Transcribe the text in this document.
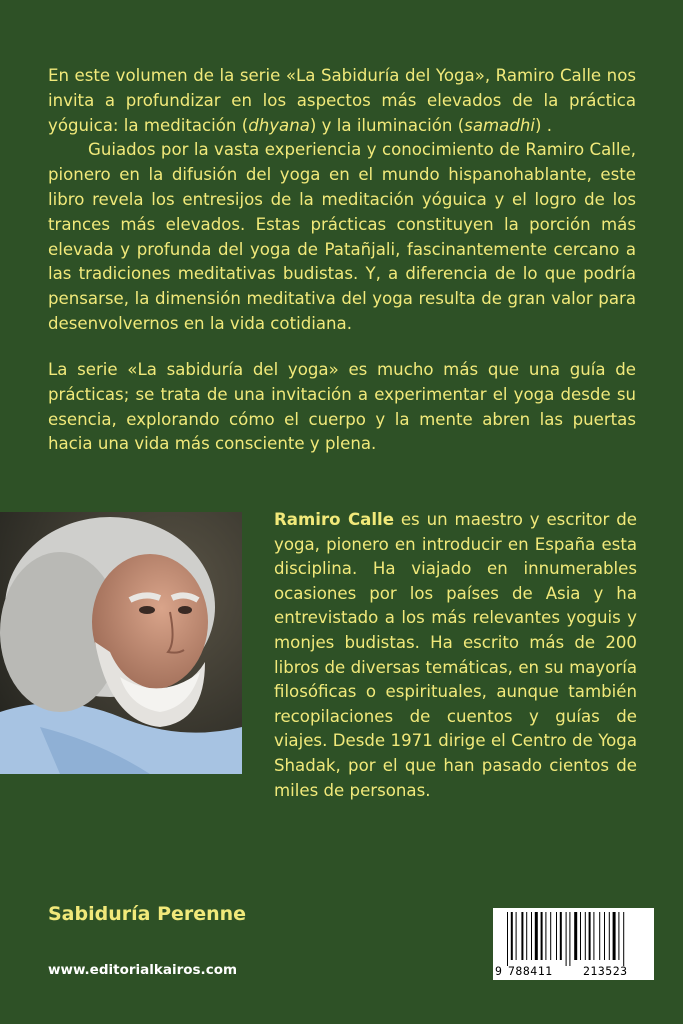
En este volumen de la serie «La Sabiduría del Yoga», Ramiro Calle nos invita a profundizar en los aspectos más elevados de la práctica yóguica: la meditación (dhyana) y la iluminación (samadhi) .

Guiados por la vasta experiencia y conocimiento de Ramiro Calle, pionero en la difusión del yoga en el mundo hispanohablante, este libro revela los entresijos de la meditación yóguica y el logro de los trances más elevados. Estas prácticas constituyen la porción más elevada y profunda del yoga de Patañjali, fascinantemente cercano a las tradiciones meditativas budistas. Y, a diferencia de lo que podría pensarse, la dimensión meditativa del yoga resulta de gran valor para desenvolvernos en la vida cotidiana.

La serie «La sabiduría del yoga» es mucho más que una guía de prácticas; se trata de una invitación a experimentar el yoga desde su esencia, explorando cómo el cuerpo y la mente abren las puertas hacia una vida más consciente y plena.

Ramiro Calle es un maestro y escritor de yoga, pionero en introducir en España esta disciplina. Ha viajado en innumerables ocasiones por los países de Asia y ha entrevistado a los más relevantes yoguis y monjes budistas. Ha escrito más de 200 libros de diversas temáticas, en su mayoría filosóficas o espirituales, aunque también recopilaciones de cuentos y guías de viajes. Desde 1971 dirige el Centro de Yoga Shadak, por el que han pasado cientos de miles de personas.

Sabiduría Perenne
www.editorialkairos.com	9 788411	213523
